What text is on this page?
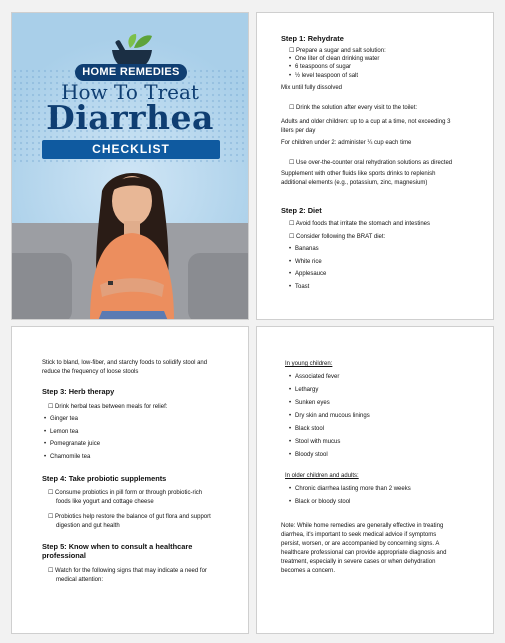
HOME REMEDIES
How To Treat
Diarrhea
CHECKLIST
Step 1: Rehydrate
☐ Prepare a sugar and salt solution:
• One liter of clean drinking water
• 6 teaspoons of sugar
• ½ level teaspoon of salt
Mix until fully dissolved
☐ Drink the solution after every visit to the toilet:
Adults and older children: up to a cup at a time, not exceeding 3
liters per day
For children under 2: administer ¼ cup each time
☐ Use over-the-counter oral rehydration solutions as directed
Supplement with other fluids like sports drinks to replenish
additional elements (e.g., potassium, zinc, magnesium)
Step 2: Diet
☐ Avoid foods that irritate the stomach and intestines
☐ Consider following the BRAT diet:
• Bananas
• White rice
• Applesauce
• Toast
Stick to bland, low-fiber, and starchy foods to solidify stool and
reduce the frequency of loose stools
Step 3: Herb therapy
☐ Drink herbal teas between meals for relief:
• Ginger tea
• Lemon tea
• Pomegranate juice
• Chamomile tea
Step 4: Take probiotic supplements
☐ Consume probiotics in pill form or through probiotic-rich
foods like yogurt and cottage cheese
☐ Probiotics help restore the balance of gut flora and support
digestion and gut health
Step 5: Know when to consult a healthcare
professional
☐ Watch for the following signs that may indicate a need for
medical attention:
In young children:
• Associated fever
• Lethargy
• Sunken eyes
• Dry skin and mucous linings
• Black stool
• Stool with mucus
• Bloody stool
In older children and adults:
• Chronic diarrhea lasting more than 2 weeks
• Black or bloody stool
Note: While home remedies are generally effective in treating
diarrhea, it's important to seek medical advice if symptoms
persist, worsen, or are accompanied by concerning signs. A
healthcare professional can provide appropriate diagnosis and
treatment, especially in severe cases or when dehydration
becomes a concern.
